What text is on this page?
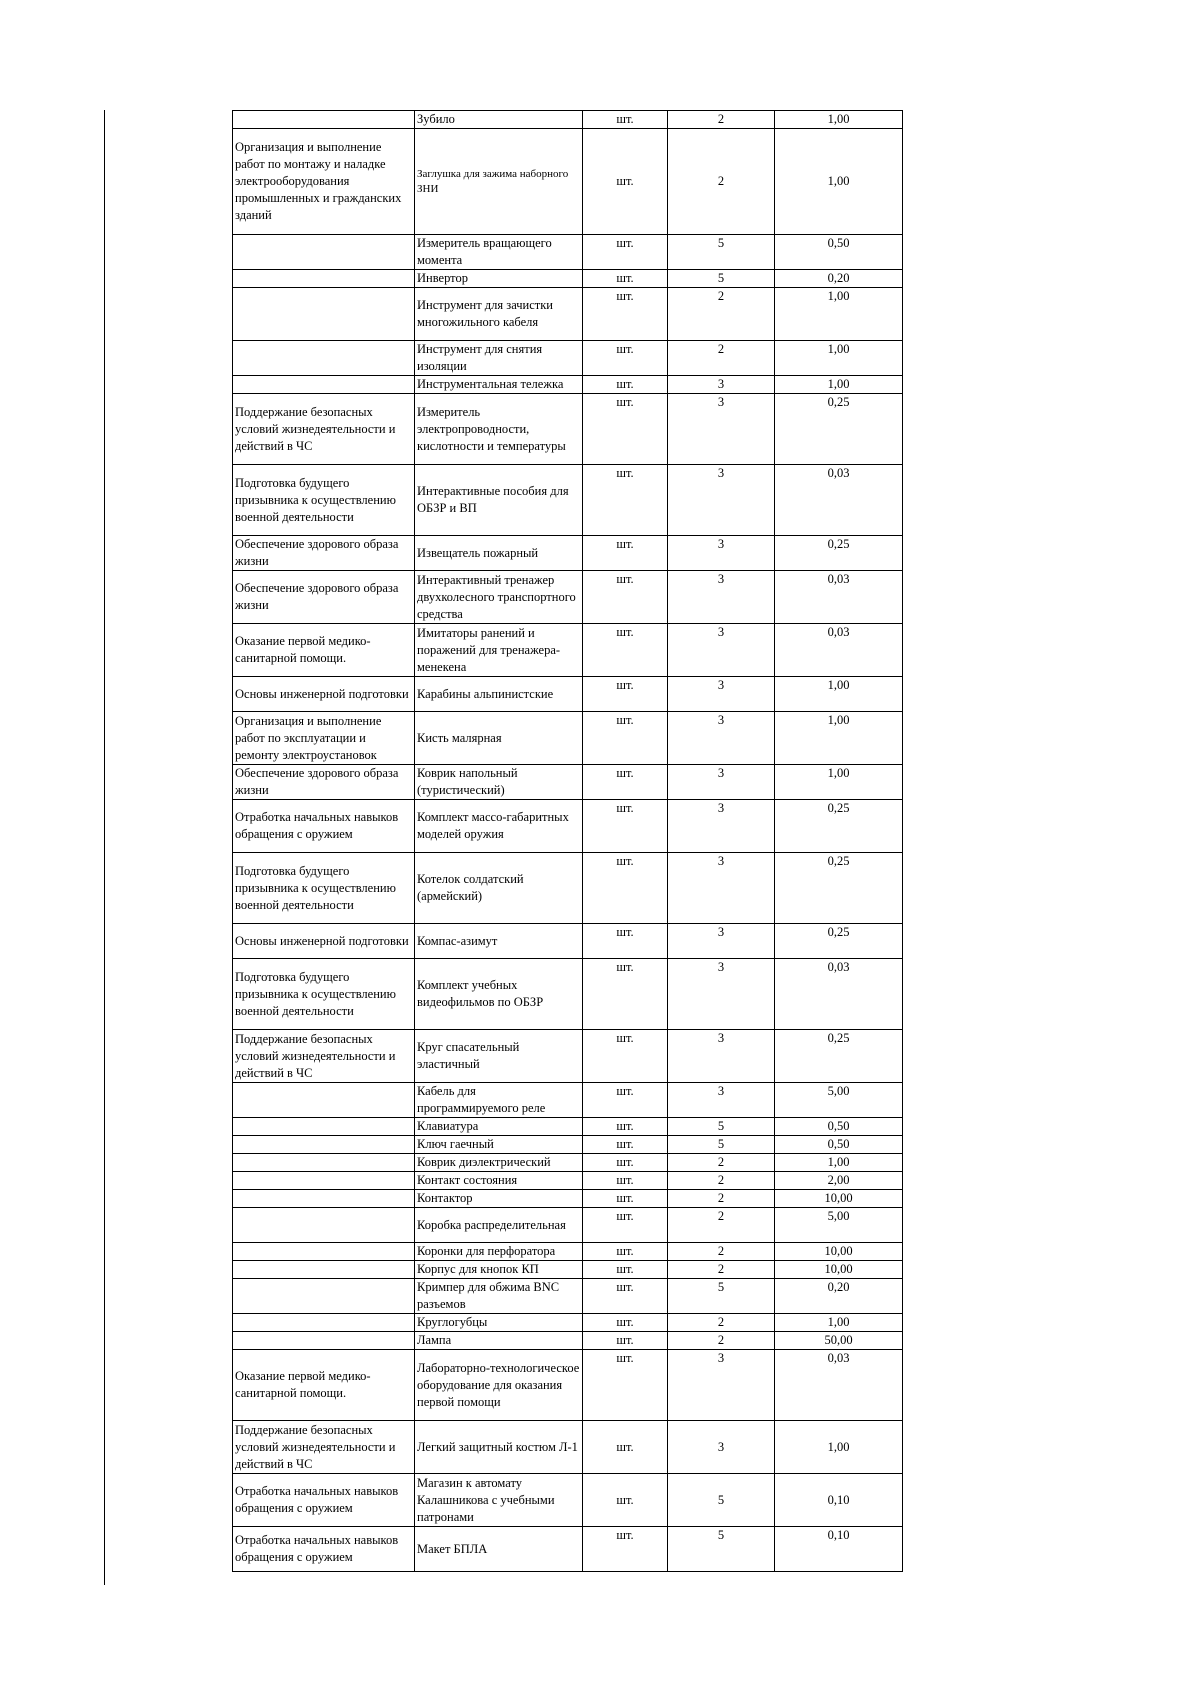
	Зубило	шт.	2	1,00
Организация и выполнение работ по монтажу и наладке электрооборудования промышленных и гражданских зданий	Заглушка для зажима наборного ЗНИ	шт.	2	1,00
	Измеритель вращающего момента	шт.	5	0,50
	Инвертор	шт.	5	0,20
	Инструмент для зачистки многожильного кабеля	шт.	2	1,00
	Инструмент для снятия изоляции	шт.	2	1,00
	Инструментальная тележка	шт.	3	1,00
Поддержание безопасных условий жизнедеятельности и действий в ЧС	Измеритель электропроводности, кислотности и температуры	шт.	3	0,25
Подготовка будущего призывника к осуществлению военной деятельности	Интерактивные пособия для ОБЗР и ВП	шт.	3	0,03
Обеспечение здорового образа жизни	Извещатель пожарный	шт.	3	0,25
Обеспечение здорового образа жизни	Интерактивный тренажер двухколесного транспортного средства	шт.	3	0,03
Оказание первой медико-санитарной помощи.	Имитаторы ранений и поражений для тренажера-менекена	шт.	3	0,03
Основы инженерной подготовки	Карабины альпинистские	шт.	3	1,00
Организация и выполнение работ по эксплуатации и ремонту электроустановок	Кисть малярная	шт.	3	1,00
Обеспечение здорового образа жизни	Коврик напольный (туристический)	шт.	3	1,00
Отработка начальных навыков обращения с оружием	Комплект массо-габаритных моделей оружия	шт.	3	0,25
Подготовка будущего призывника к осуществлению военной деятельности	Котелок солдатский (армейский)	шт.	3	0,25
Основы инженерной подготовки	Компас-азимут	шт.	3	0,25
Подготовка будущего призывника к осуществлению военной деятельности	Комплект учебных видеофильмов по ОБЗР	шт.	3	0,03
Поддержание безопасных условий жизнедеятельности и действий в ЧС	Круг спасательный эластичный	шт.	3	0,25
	Кабель для программируемого реле	шт.	3	5,00
	Клавиатура	шт.	5	0,50
	Ключ гаечный	шт.	5	0,50
	Коврик диэлектрический	шт.	2	1,00
	Контакт состояния	шт.	2	2,00
	Контактор	шт.	2	10,00
	Коробка распределительная	шт.	2	5,00
	Коронки для перфоратора	шт.	2	10,00
	Корпус для кнопок КП	шт.	2	10,00
	Кримпер для обжима BNC разъемов	шт.	5	0,20
	Круглогубцы	шт.	2	1,00
	Лампа	шт.	2	50,00
Оказание первой медико-санитарной помощи.	Лабораторно-технологическое оборудование для оказания первой помощи	шт.	3	0,03
Поддержание безопасных условий жизнедеятельности и действий в ЧС	Легкий защитный костюм Л-1	шт.	3	1,00
Отработка начальных навыков обращения с оружием	Магазин к автомату Калашникова с учебными патронами	шт.	5	0,10
Отработка начальных навыков обращения с оружием	Макет БПЛА	шт.	5	0,10
